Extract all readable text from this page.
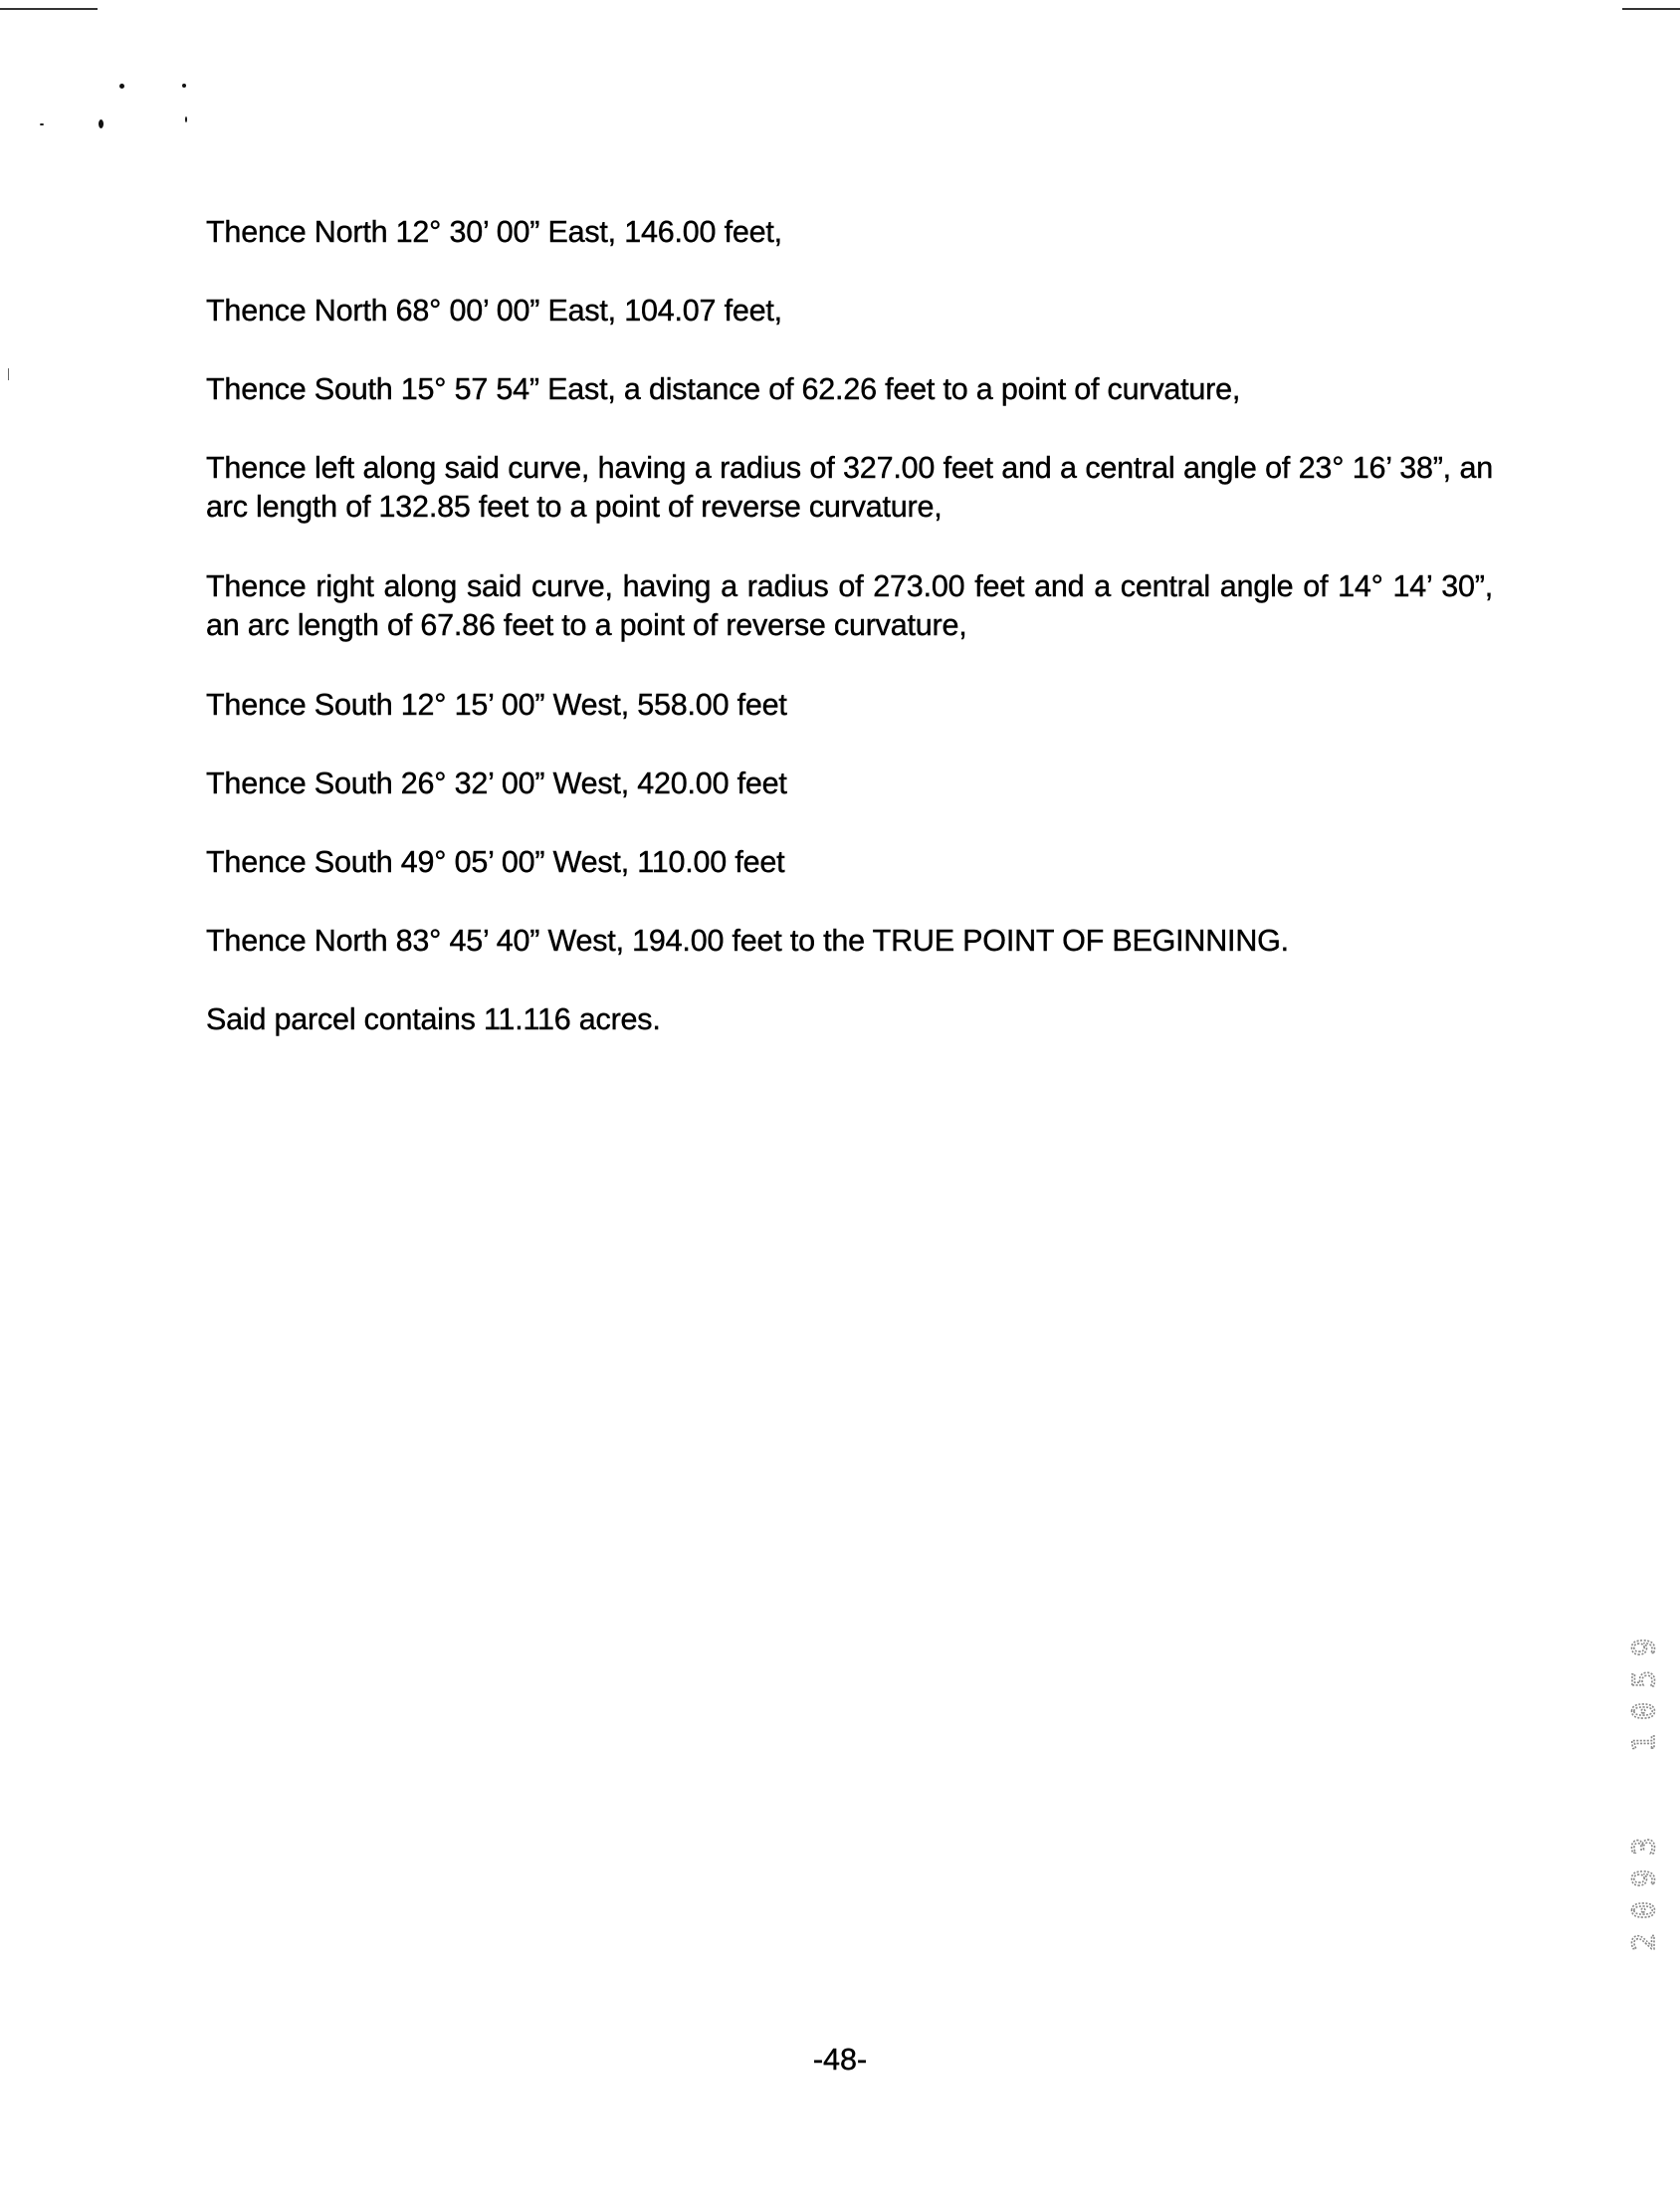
Thence North 12° 30’ 00” East, 146.00 feet,

Thence North 68° 00’ 00” East, 104.07 feet,

Thence South 15° 57 54” East, a distance of 62.26 feet to a point of curvature,

Thence left along said curve, having a radius of 327.00 feet and a central angle of 23° 16’ 38”, an arc length of 132.85 feet to a point of reverse curvature,

Thence right along said curve, having a radius of 273.00 feet and a central angle of 14° 14’ 30”, an arc length of 67.86 feet to a point of reverse curvature,

Thence South 12° 15’ 00” West, 558.00 feet

Thence South 26° 32’ 00” West, 420.00 feet

Thence South 49° 05’ 00” West, 110.00 feet

Thence North 83° 45’ 40” West, 194.00 feet to the TRUE POINT OF BEGINNING.

Said parcel contains 11.116 acres.

-48-
1059
2093
